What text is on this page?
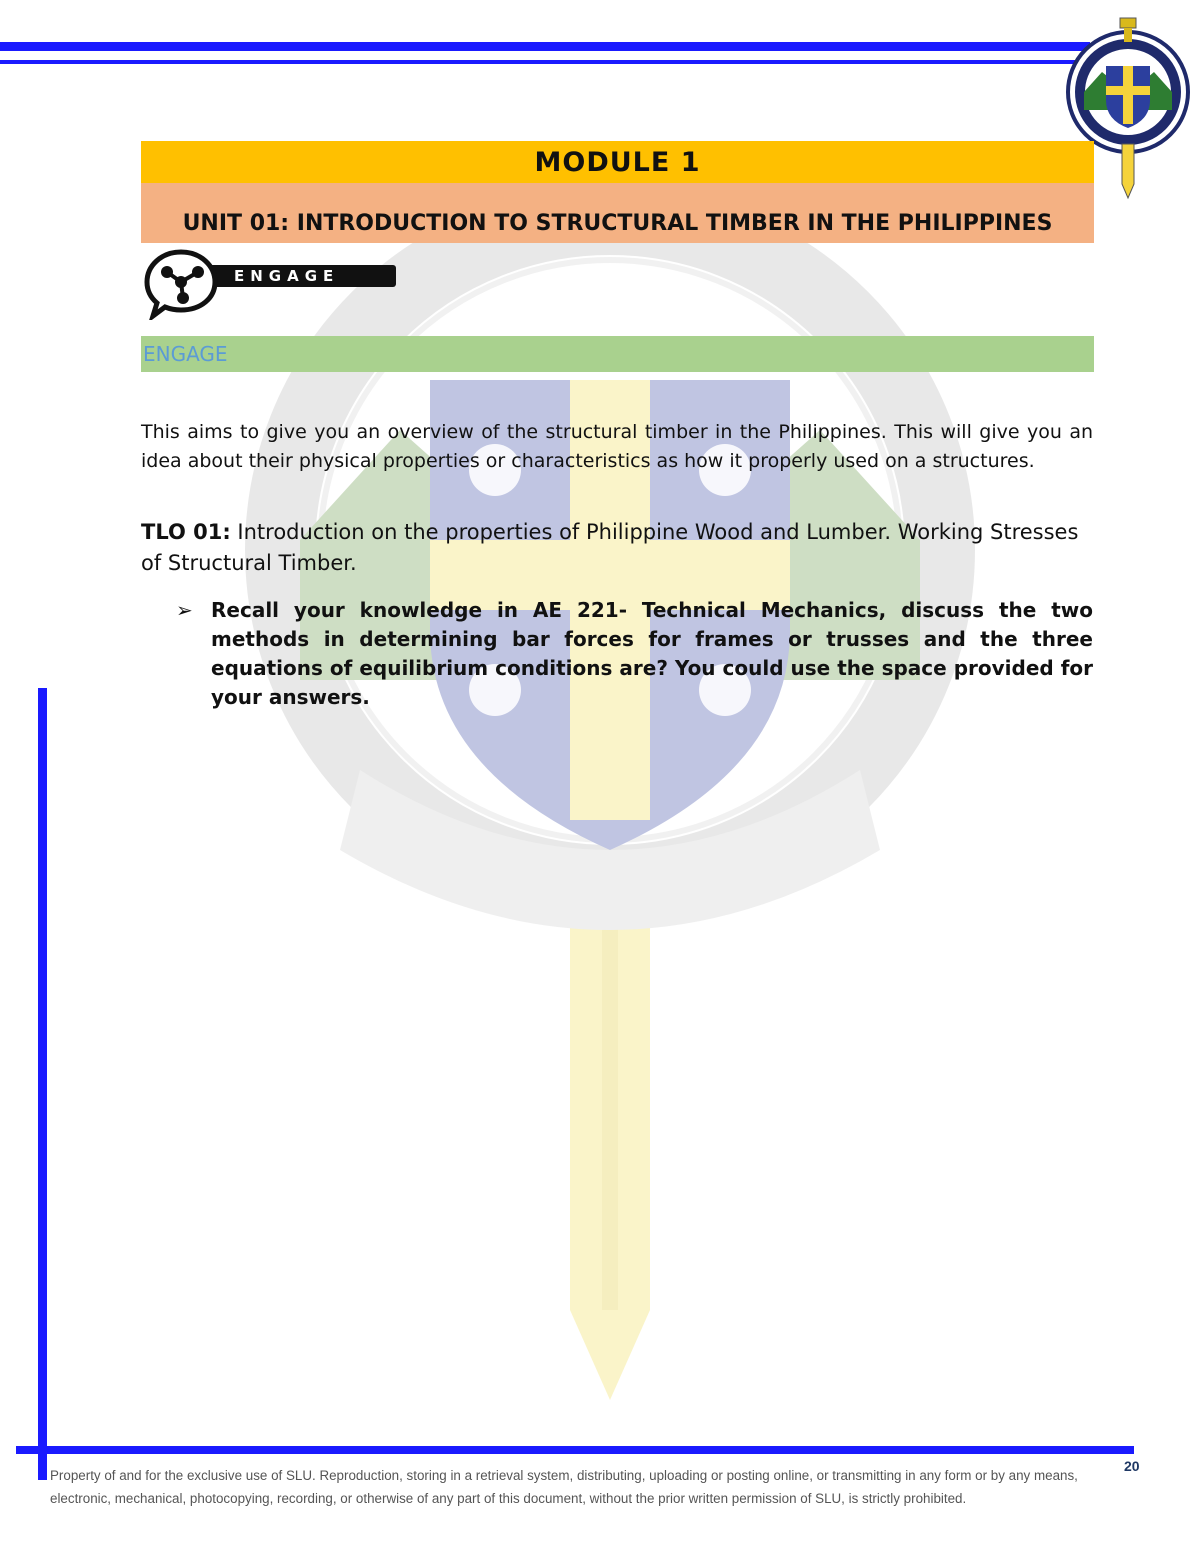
MODULE 1
UNIT 01: INTRODUCTION TO STRUCTURAL TIMBER IN THE PHILIPPINES
ENGAGE
ENGAGE
This aims to give you an overview of the structural timber in the Philippines. This will give you an idea about their physical properties or characteristics as how it properly used on a structures.
TLO 01: Introduction on the properties of Philippine Wood and Lumber. Working Stresses of Structural Timber.
➢ Recall your knowledge in AE 221- Technical Mechanics, discuss the two methods in determining bar forces for frames or trusses and the three equations of equilibrium conditions are? You could use the space provided for your answers.
Property of and for the exclusive use of SLU. Reproduction, storing in a retrieval system, distributing, uploading or posting online, or transmitting in any form or by any means, electronic, mechanical, photocopying, recording, or otherwise of any part of this document, without the prior written permission of SLU, is strictly prohibited.
20
